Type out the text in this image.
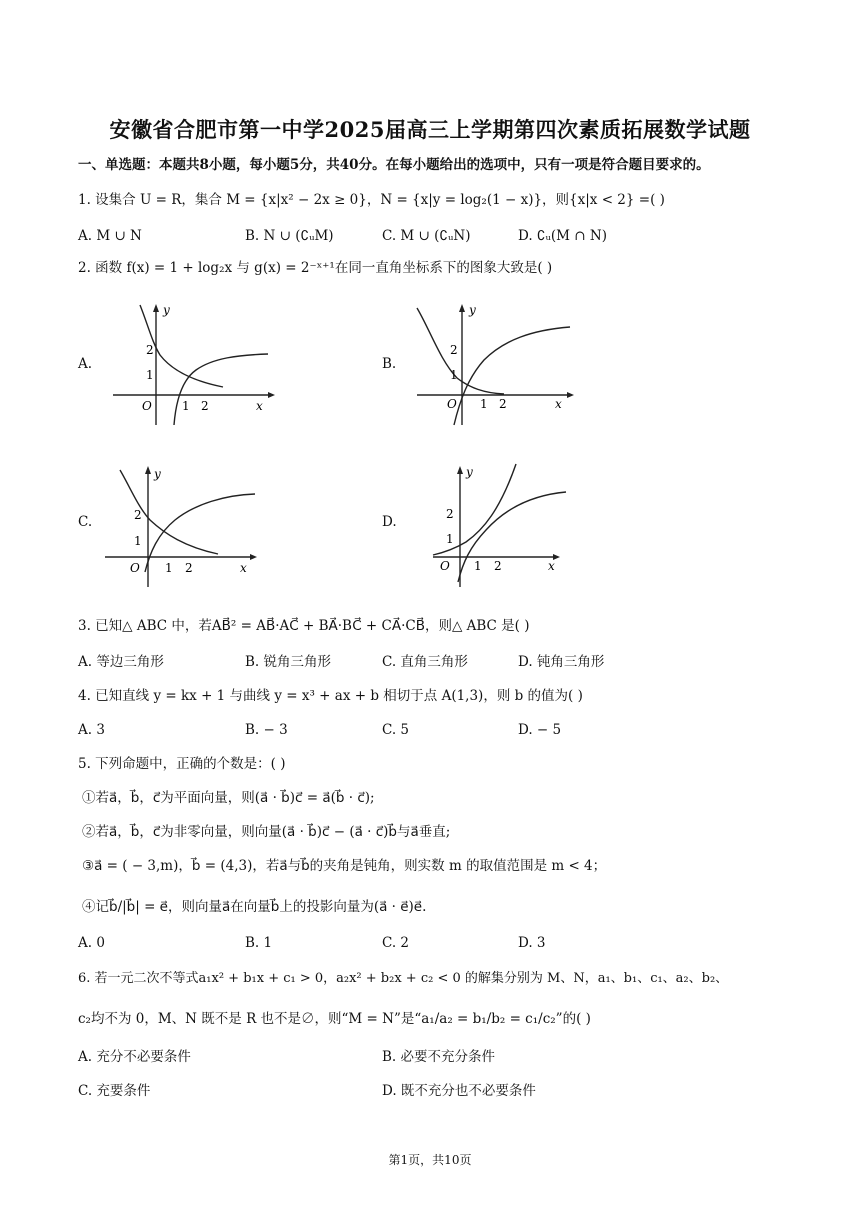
安徽省合肥市第一中学2025届高三上学期第四次素质拓展数学试题
一、单选题：本题共8小题，每小题5分，共40分。在每小题给出的选项中，只有一项是符合题目要求的。
1. 设集合 U = R，集合 M = {x|x² − 2x ≥ 0}，N = {x|y = log₂(1 − x)}，则{x|x < 2} =( )
A. M ∪ N	B. N ∪ (∁ᵤM)	C. M ∪ (∁ᵤN)	D. ∁ᵤ(M ∩ N)
2. 函数 f(x) = 1 + log₂x 与 g(x) = 2⁻ˣ⁺¹在同一直角坐标系下的图象大致是( )
A.	B.
C.	D.
y
x
O
2
1
1 2
y
x
O
2
1
1 2
y
x
O
2
1
1 2
y
x
O
2
1
1 2
3. 已知△ ABC 中，若AB⃗² = AB⃗·AC⃗ + BA⃗·BC⃗ + CA⃗·CB⃗，则△ ABC 是( )
A. 等边三角形	B. 锐角三角形	C. 直角三角形	D. 钝角三角形
4. 已知直线 y = kx + 1 与曲线 y = x³ + ax + b 相切于点 A(1,3)，则 b 的值为( )
A. 3	B. − 3	C. 5	D. − 5
5. 下列命题中，正确的个数是：( )
①若a⃗，b⃗，c⃗为平面向量，则(a⃗ · b⃗)c⃗ = a⃗(b⃗ · c⃗);
②若a⃗，b⃗，c⃗为非零向量，则向量(a⃗ · b⃗)c⃗ − (a⃗ · c⃗)b⃗与a⃗垂直;
③a⃗ = ( − 3,m)，b⃗ = (4,3)，若a⃗与b⃗的夹角是钝角，则实数 m 的取值范围是 m < 4；
④记b⃗/|b⃗| = e⃗，则向量a⃗在向量b⃗上的投影向量为(a⃗ · e⃗)e⃗.
A. 0	B. 1	C. 2	D. 3
6. 若一元二次不等式a₁x² + b₁x + c₁ > 0，a₂x² + b₂x + c₂ < 0 的解集分别为 M、N，a₁、b₁、c₁、a₂、b₂、
c₂均不为 0，M、N 既不是 R 也不是∅，则“M = N”是“a₁/a₂ = b₁/b₂ = c₁/c₂”的( )
A. 充分不必要条件	B. 必要不充分条件
C. 充要条件	D. 既不充分也不必要条件
第1页，共10页
